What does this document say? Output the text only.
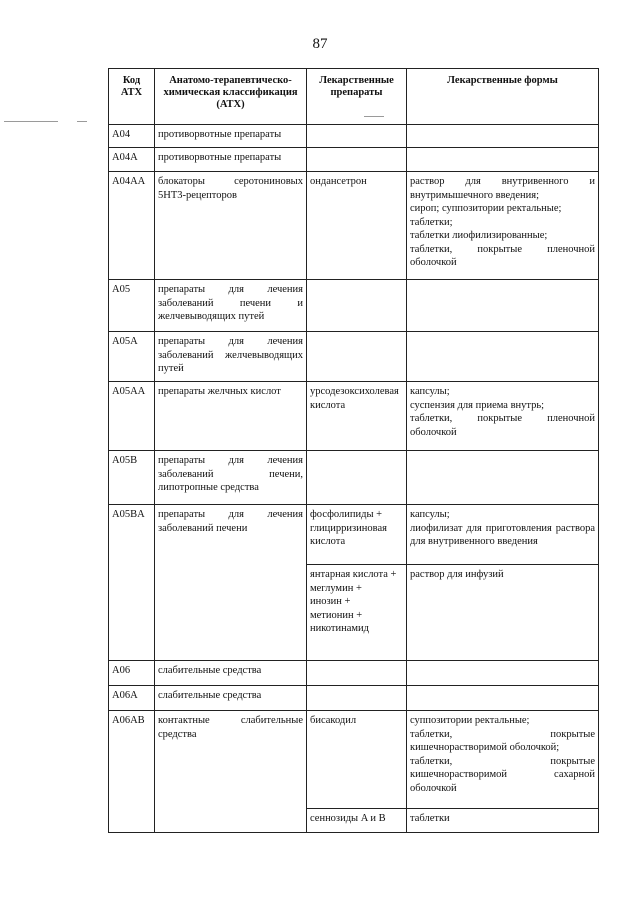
87
Код АТХ	Анатомо-терапевтическо-химическая классификация (АТХ)	Лекарственные препараты	Лекарственные формы
A04	противорвотные препараты		
A04A	противорвотные препараты		
A04AA	блокаторы серотониновых 5HT3-рецепторов	ондансетрон	раствор для внутривенного и внутримышечного введения;
сироп; суппозитории ректальные;
таблетки;
таблетки лиофилизированные;
таблетки, покрытые пленочной оболочкой

A05	препараты для лечения заболеваний печени и желчевыводящих путей		
A05A	препараты для лечения заболеваний желчевыводящих путей		
A05AA	препараты желчных кислот	урсодезоксихолевая кислота	капсулы;
суспензия для приема внутрь;
таблетки, покрытые пленочной оболочкой

A05B	препараты для лечения заболеваний печени, липотропные средства		
A05BA	препараты для лечения заболеваний печени	фосфолипиды + глицирризиновая кислота	капсулы;
лиофилизат для приготовления раствора для внутривенного введения

		янтарная кислота +
меглумин +
инозин +
метионин +
никотинамид	раствор для инфузий

A06	слабительные средства		
A06A	слабительные средства		
A06AB	контактные слабительные средства	бисакодил	суппозитории ректальные;
таблетки, покрытые кишечнорастворимой оболочкой;
таблетки, покрытые кишечнорастворимой сахарной оболочкой

		сеннозиды A и B	таблетки
